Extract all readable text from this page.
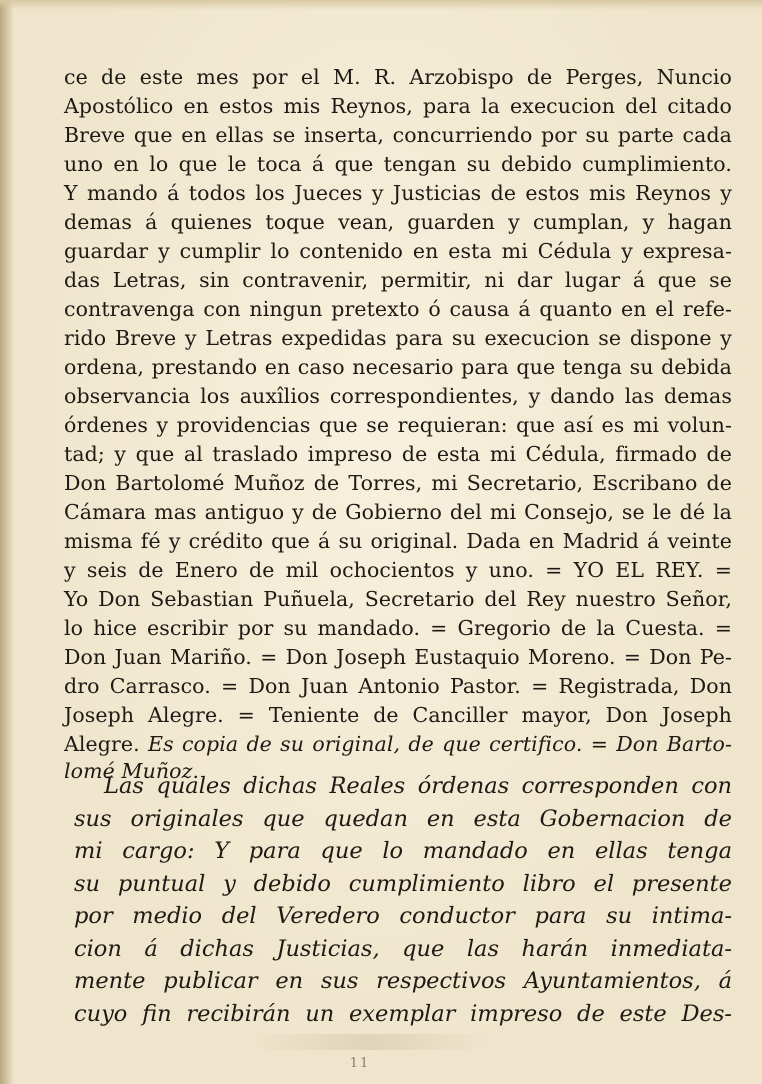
ce de este mes por el M. R. Arzobispo de Perges, Nuncio
Apostólico en estos mis Reynos, para la execucion del citado
Breve que en ellas se inserta, concurriendo por su parte cada
uno en lo que le toca á que tengan su debido cumplimiento.
Y mando á todos los Jueces y Justicias de estos mis Reynos y
demas á quienes toque vean, guarden y cumplan, y hagan
guardar y cumplir lo contenido en esta mi Cédula y expresa-
das Letras, sin contravenir, permitir, ni dar lugar á que se
contravenga con ningun pretexto ó causa á quanto en el refe-
rido Breve y Letras expedidas para su execucion se dispone y
ordena, prestando en caso necesario para que tenga su debida
observancia los auxîlios correspondientes, y dando las demas
órdenes y providencias que se requieran: que así es mi volun-
tad; y que al traslado impreso de esta mi Cédula, firmado de
Don Bartolomé Muñoz de Torres, mi Secretario, Escribano de
Cámara mas antiguo y de Gobierno del mi Consejo, se le dé la
misma fé y crédito que á su original. Dada en Madrid á veinte
y seis de Enero de mil ochocientos y uno. = YO EL REY. =
Yo Don Sebastian Puñuela, Secretario del Rey nuestro Señor,
lo hice escribir por su mandado. = Gregorio de la Cuesta. =
Don Juan Mariño. = Don Joseph Eustaquio Moreno. = Don Pe-
dro Carrasco. = Don Juan Antonio Pastor. = Registrada, Don
Joseph Alegre. = Teniente de Canciller mayor, Don Joseph
Alegre. Es copia de su original, de que certifico. = Don Barto-
lomé Muñoz.
Las quales dichas Reales órdenas corresponden con
sus originales que quedan en esta Gobernacion de
mi cargo: Y para que lo mandado en ellas tenga
su puntual y debido cumplimiento libro el presente
por medio del Veredero conductor para su intima-
cion á dichas Justicias, que las harán inmediata-
mente publicar en sus respectivos Ayuntamientos, á
cuyo fin recibirán un exemplar impreso de este Des-
11
